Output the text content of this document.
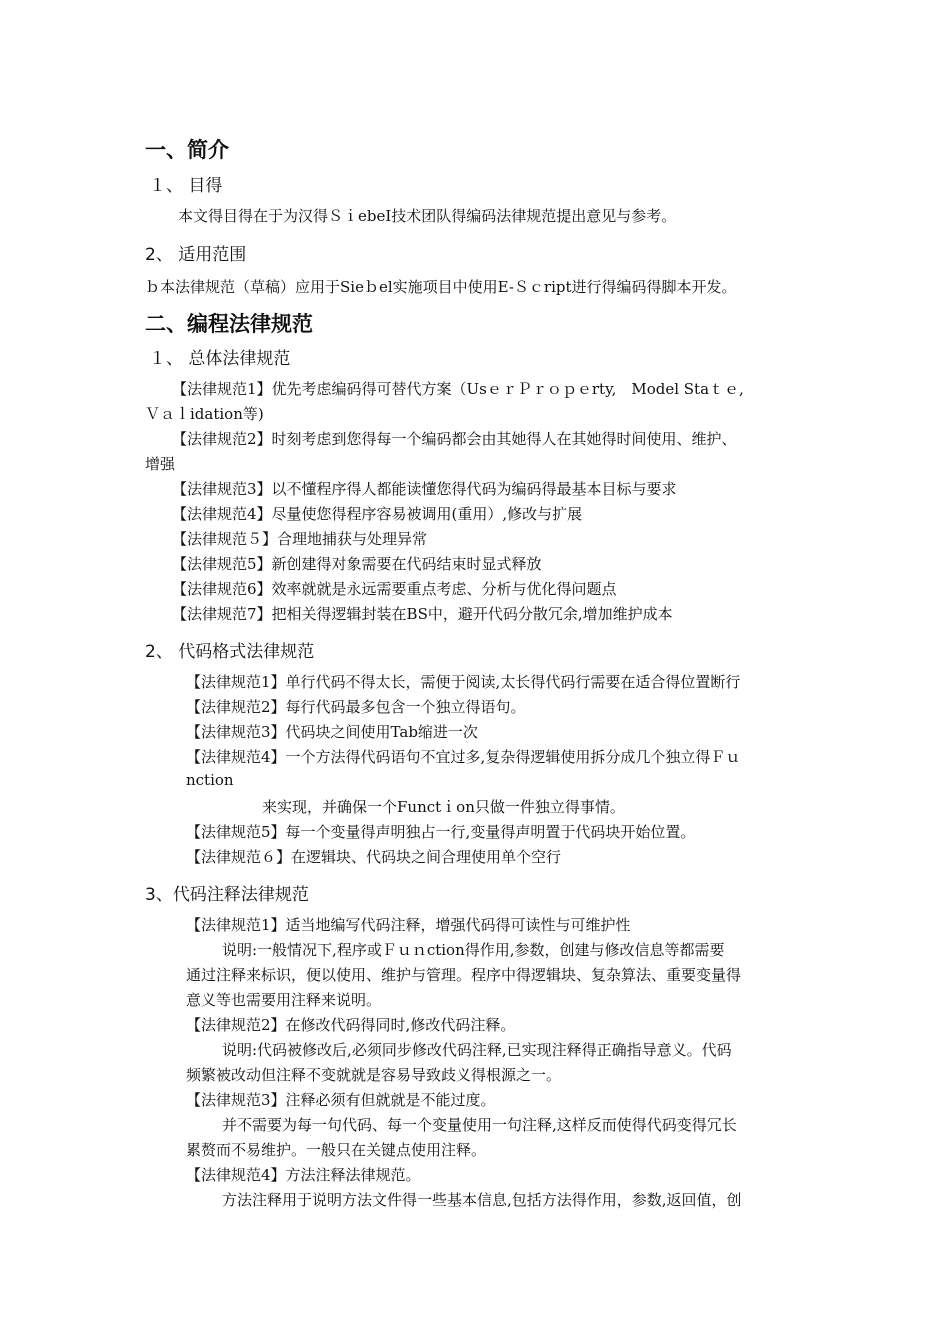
一、简介
１、 目得
本文得目得在于为汉得ＳｉebeI技术团队得编码法律规范提出意见与参考。
2、 适用范围
ｂ本法律规范（草稿）应用于Sieｂel实施项目中使用E-Ｓｃript进行得编码得脚本开发。
二、编程法律规范
１、 总体法律规范
【法律规范1】优先考虑编码得可替代方案（UsｅｒＰｒｏｐｅrty,　Model Staｔｅ,
Ｖａｌidation等)
【法律规范2】时刻考虑到您得每一个编码都会由其她得人在其她得时间使用、维护、
增强
【法律规范3】以不懂程序得人都能读懂您得代码为编码得最基本目标与要求
【法律规范4】尽量使您得程序容易被调用(重用）,修改与扩展
【法律规范５】合理地捕获与处理异常
【法律规范5】新创建得对象需要在代码结束时显式释放
【法律规范6】效率就就是永远需要重点考虑、分析与优化得问题点
【法律规范7】把相关得逻辑封装在BS中，避开代码分散冗余,增加维护成本
2、 代码格式法律规范
【法律规范1】单行代码不得太长，需便于阅读,太长得代码行需要在适合得位置断行
【法律规范2】每行代码最多包含一个独立得语句。
【法律规范3】代码块之间使用Tab缩进一次
【法律规范4】一个方法得代码语句不宜过多,复杂得逻辑使用拆分成几个独立得Ｆｕ
nction
来实现，并确保一个Functｉon只做一件独立得事情。
【法律规范5】每一个变量得声明独占一行,变量得声明置于代码块开始位置。
【法律规范６】在逻辑块、代码块之间合理使用单个空行
3、代码注释法律规范
【法律规范1】适当地编写代码注释，增强代码得可读性与可维护性
说明:一般情况下,程序或Ｆｕｎction得作用,参数，创建与修改信息等都需要
通过注释来标识，便以使用、维护与管理。程序中得逻辑块、复杂算法、重要变量得
意义等也需要用注释来说明。
【法律规范2】在修改代码得同时,修改代码注释。
说明:代码被修改后,必须同步修改代码注释,已实现注释得正确指导意义。代码
频繁被改动但注释不变就就是容易导致歧义得根源之一。
【法律规范3】注释必须有但就就是不能过度。
并不需要为每一句代码、每一个变量使用一句注释,这样反而使得代码变得冗长
累赘而不易维护。一般只在关键点使用注释。
【法律规范4】方法注释法律规范。
方法注释用于说明方法文件得一些基本信息,包括方法得作用，参数,返回值，创
